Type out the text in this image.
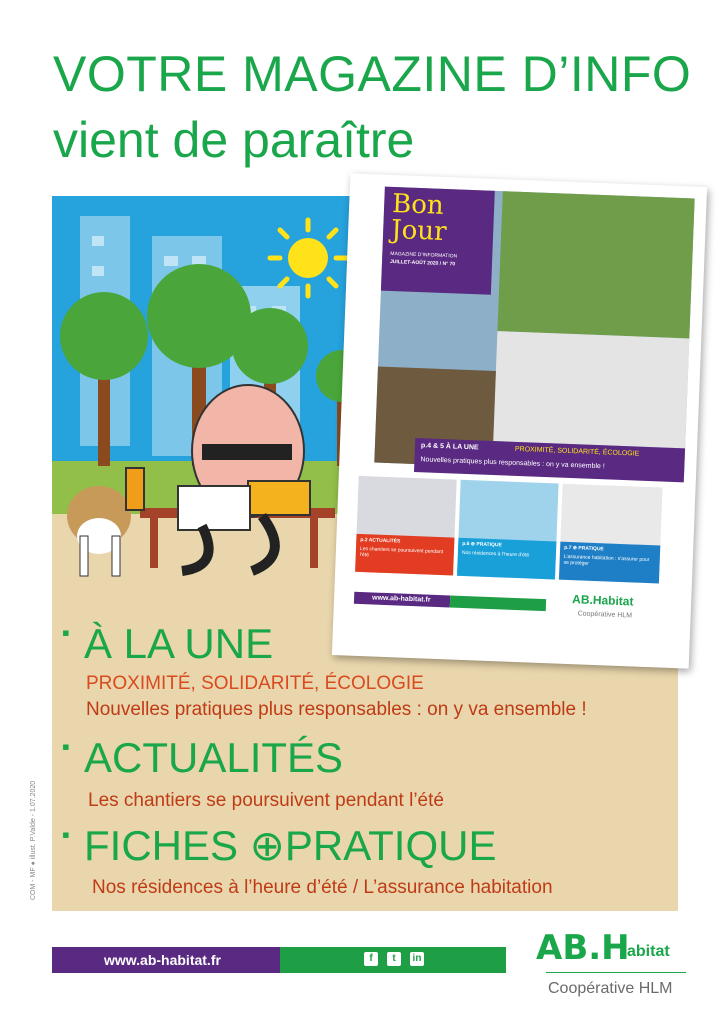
VOTRE MAGAZINE D’INFO
vient de paraître
▪ À LA UNE
PROXIMITÉ, SOLIDARITÉ, ÉCOLOGIE
Nouvelles pratiques plus responsables : on y va ensemble !
▪ ACTUALITÉS
Les chantiers se poursuivent pendant l’été
▪ FICHES ⊕PRATIQUE
Nos résidences à l’heure d’été / L’assurance habitation
Bon
Jour
MAGAZINE D’INFORMATION
JUILLET-AOÛT 2020 / N° 70
p.4 & 5 À LA UNE	PROXIMITÉ, SOLIDARITÉ, ÉCOLOGIE
Nouvelles pratiques plus responsables : on y va ensemble !
p.2 ACTUALITÉS
Les chantiers se poursuivent pendant l’été
p.6 ⊕ PRATIQUE
Nos résidences à l’heure d’été
p.7 ⊕ PRATIQUE
L’assurance habitation : s’assurer pour se protéger
www.ab-habitat.fr	AB.Habitat
Coopérative HLM
COM - MF ● illust. P.Valde - 1.07.2020
www.ab-habitat.fr	f	t	in	AB.H
abitat
Coopérative HLM
